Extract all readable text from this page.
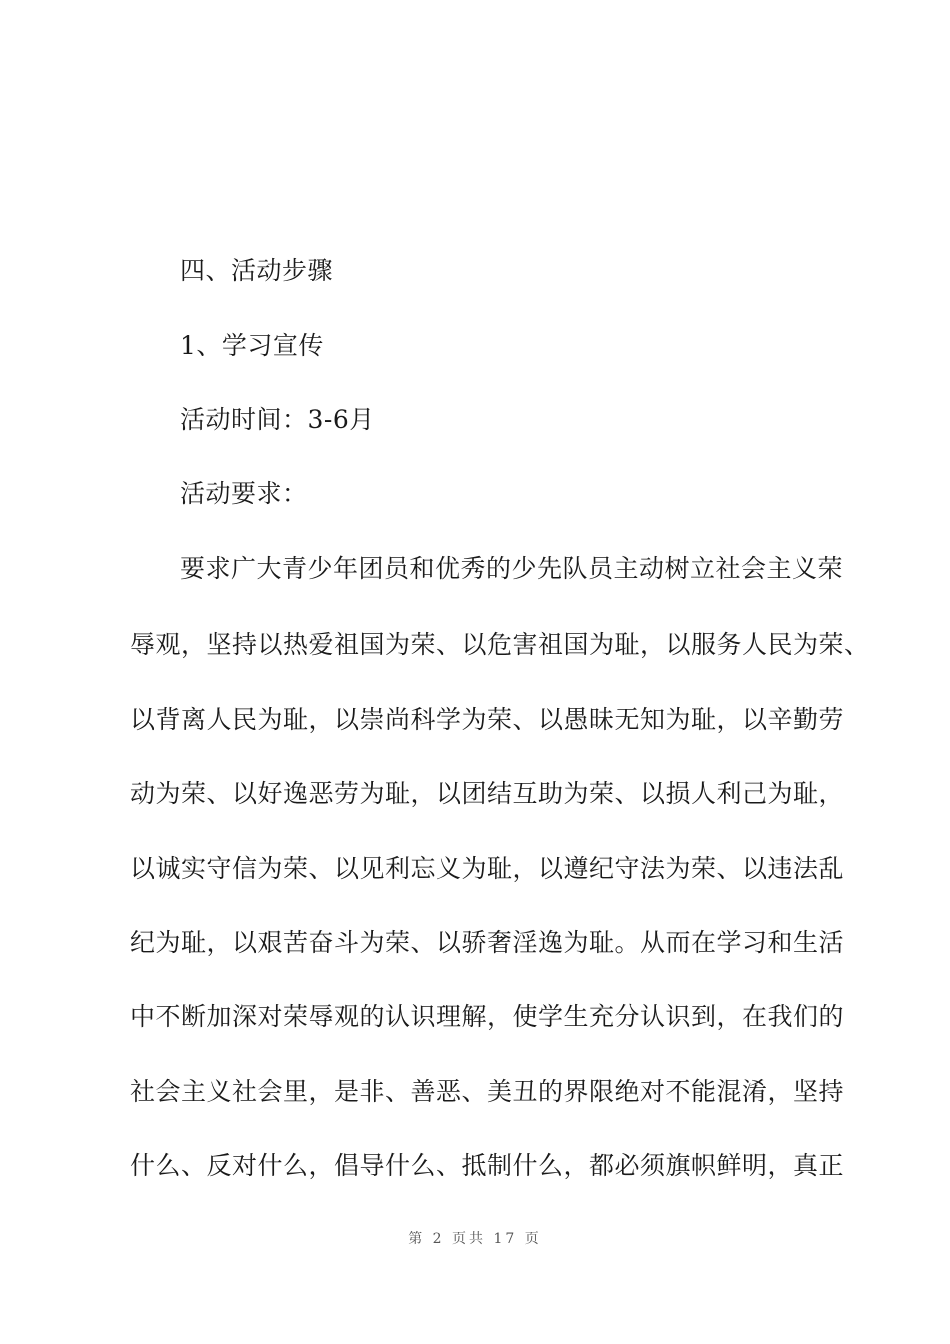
四、活动步骤
1、学习宣传
活动时间：3-6月
活动要求：
要求广大青少年团员和优秀的少先队员主动树立社会主义荣
辱观，坚持以热爱祖国为荣、以危害祖国为耻，以服务人民为荣、
以背离人民为耻，以崇尚科学为荣、以愚昧无知为耻，以辛勤劳
动为荣、以好逸恶劳为耻，以团结互助为荣、以损人利己为耻，
以诚实守信为荣、以见利忘义为耻，以遵纪守法为荣、以违法乱
纪为耻，以艰苦奋斗为荣、以骄奢淫逸为耻。从而在学习和生活
中不断加深对荣辱观的认识理解，使学生充分认识到，在我们的
社会主义社会里，是非、善恶、美丑的界限绝对不能混淆，坚持
什么、反对什么，倡导什么、抵制什么，都必须旗帜鲜明，真正
第 2 页共 17 页
